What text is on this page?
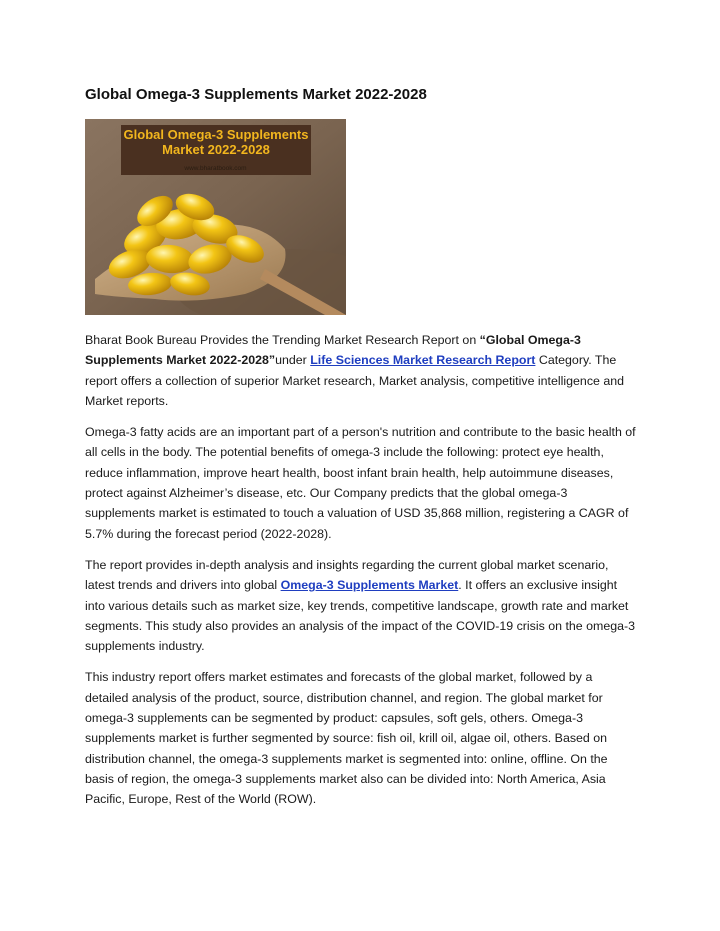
Global Omega-3 Supplements Market 2022-2028
Global Omega-3 Supplements
Market 2022-2028
www.bharatbook.com

Bharat Book Bureau Provides the Trending Market Research Report on “Global Omega-3 Supplements Market 2022-2028”under Life Sciences Market Research Report Category. The report offers a collection of superior Market research, Market analysis, competitive intelligence and Market reports.

Omega-3 fatty acids are an important part of a person's nutrition and contribute to the basic health of all cells in the body. The potential benefits of omega-3 include the following: protect eye health, reduce inflammation, improve heart health, boost infant brain health, help autoimmune diseases, protect against Alzheimer’s disease, etc. Our Company predicts that the global omega-3 supplements market is estimated to touch a valuation of USD 35,868 million, registering a CAGR of 5.7% during the forecast period (2022-2028).

The report provides in-depth analysis and insights regarding the current global market scenario, latest trends and drivers into global Omega-3 Supplements Market. It offers an exclusive insight into various details such as market size, key trends, competitive landscape, growth rate and market segments. This study also provides an analysis of the impact of the COVID-19 crisis on the omega-3 supplements industry.

This industry report offers market estimates and forecasts of the global market, followed by a detailed analysis of the product, source, distribution channel, and region. The global market for omega-3 supplements can be segmented by product: capsules, soft gels, others. Omega-3 supplements market is further segmented by source: fish oil, krill oil, algae oil, others. Based on distribution channel, the omega-3 supplements market is segmented into: online, offline. On the basis of region, the omega-3 supplements market also can be divided into: North America, Asia Pacific, Europe, Rest of the World (ROW).
